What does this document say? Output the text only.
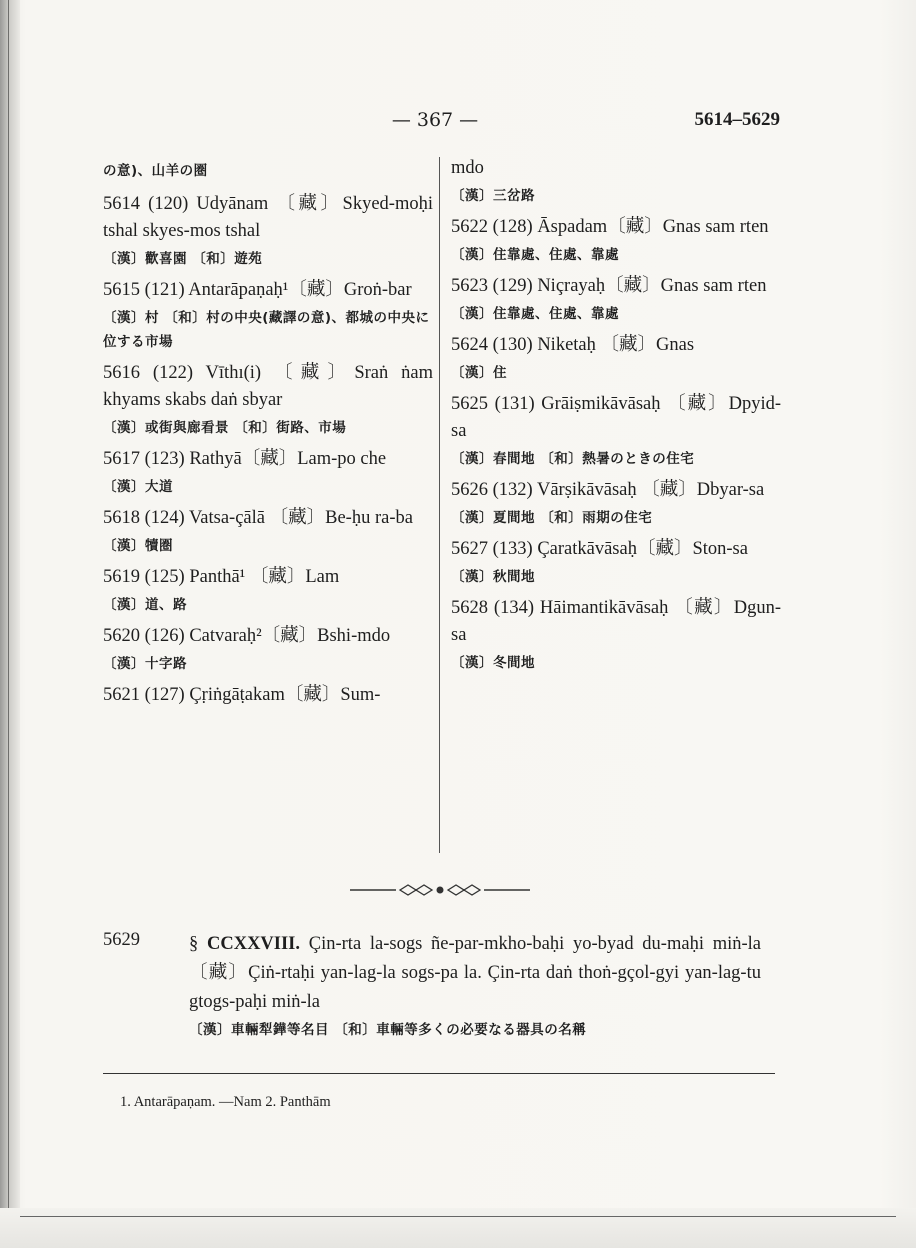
— 367 —	5614–5629
の意)、山羊の圏
5614 (120) Udyānam 〔藏〕Skyed-moḥi tshal skyes-mos tshal
〔漢〕歡喜園 〔和〕遊苑
5615 (121) Antarāpaṇaḥ¹〔藏〕Groṅ-bar
〔漢〕村 〔和〕村の中央(藏譯の意)、都城の中央に位する市場
5616 (122) Vīthı(i) 〔藏〕Sraṅ ṅam khyams skabs daṅ sbyar
〔漢〕或街與廊看景 〔和〕街路、市場
5617 (123) Rathyā〔藏〕Lam-po che
〔漢〕大道
5618 (124) Vatsa-çālā 〔藏〕Be-ḥu ra-ba
〔漢〕犢圏
5619 (125) Panthā¹ 〔藏〕Lam
〔漢〕道、路
5620 (126) Catvaraḥ²〔藏〕Bshi-mdo
〔漢〕十字路
5621 (127) Çṛiṅgāṭakam〔藏〕Sum-
mdo
〔漢〕三岔路
5622 (128) Āspadam〔藏〕Gnas sam rten
〔漢〕住靠處、住處、靠處
5623 (129) Niçrayaḥ〔藏〕Gnas sam rten
〔漢〕住靠處、住處、靠處
5624 (130) Niketaḥ 〔藏〕Gnas
〔漢〕住
5625 (131) Grāiṣmikāvāsaḥ 〔藏〕Dpyid-sa
〔漢〕春間地 〔和〕熱暑のときの住宅
5626 (132) Vārṣikāvāsaḥ 〔藏〕Dbyar-sa
〔漢〕夏間地 〔和〕雨期の住宅
5627 (133) Çaratkāvāsaḥ〔藏〕Ston-sa
〔漢〕秋間地
5628 (134) Hāimantikāvāsaḥ 〔藏〕Dgun-sa
〔漢〕冬間地
5629	§ CCXXVIII. Çin-rta la-sogs ñe-par-mkho-baḥi yo-byad du-maḥi miṅ-la〔藏〕Çiṅ-rtaḥi yan-lag-la sogs-pa la. Çin-rta daṅ thoṅ-gçol-gyi yan-lag-tu gtogs-paḥi miṅ-la
〔漢〕車輛犁鏵等名目 〔和〕車輛等多くの必要なる器具の名稱
1. Antarāpaṇam. —Nam 2. Panthām
